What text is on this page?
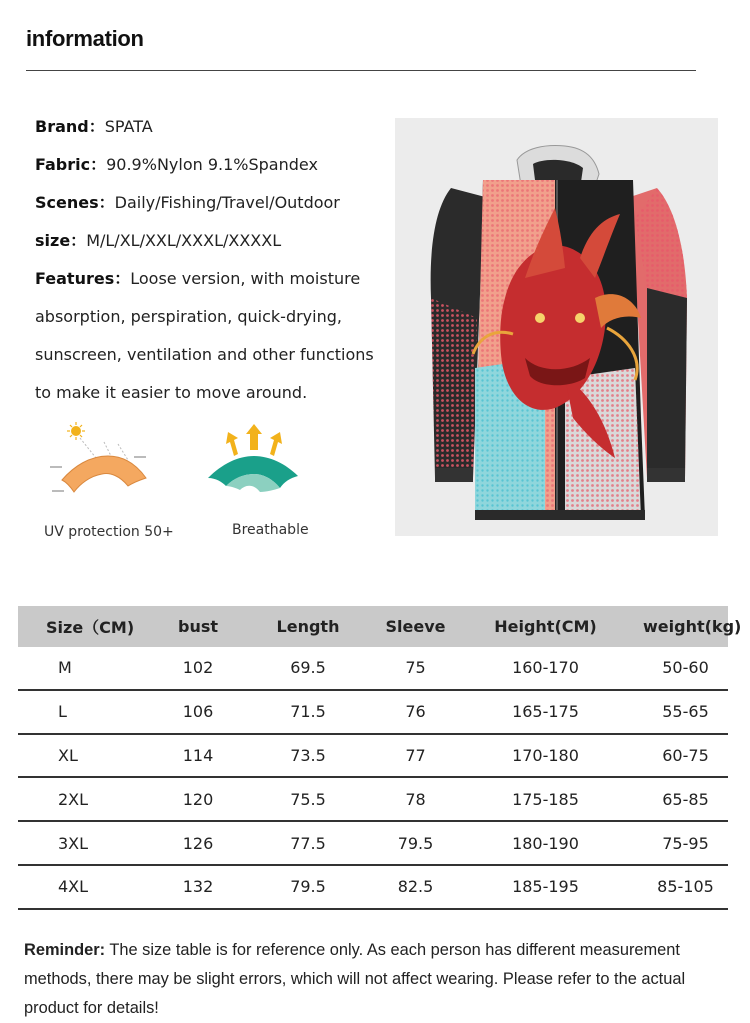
information
Brand：SPATA
Fabric：90.9%Nylon 9.1%Spandex
Scenes：Daily/Fishing/Travel/Outdoor
size：M/L/XL/XXL/XXXL/XXXXL
Features：Loose version, with moisture
absorption, perspiration, quick-drying,
sunscreen, ventilation and other functions
to make it easier to move around.
UV protection 50+	Breathable
Size（CM)	bust	Length	Sleeve	Height(CM)	weight(kg)
M	102	69.5	75	160-170	50-60
L	106	71.5	76	165-175	55-65
XL	114	73.5	77	170-180	60-75
2XL	120	75.5	78	175-185	65-85
3XL	126	77.5	79.5	180-190	75-95
4XL	132	79.5	82.5	185-195	85-105
Reminder: The size table is for reference only. As each person has different measurement methods, there may be slight errors, which will not affect wearing. Please refer to the actual product for details!
